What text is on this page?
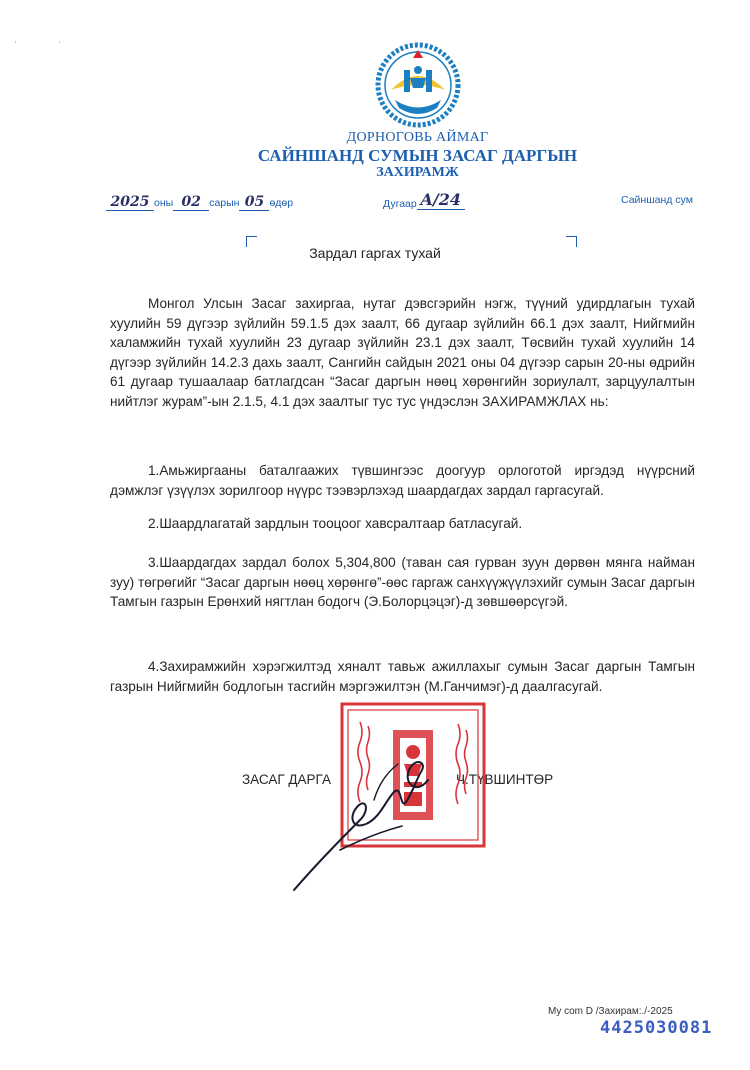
ˌ	ˌ
ДОРНОГОВЬ АЙМАГ
САЙНШАНД СУМЫН ЗАСАГ ДАРГЫН
ЗАХИРАМЖ
2025 оны 02 сарын 05 өдөр	Дугаар A/24	Сайншанд сум
Зардал гаргах тухай
Монгол Улсын Засаг захиргаа, нутаг дэвсгэрийн нэгж, түүний удирдлагын тухай хуулийн 59 дүгээр зүйлийн 59.1.5 дэх заалт, 66 дугаар зүйлийн 66.1 дэх заалт, Нийгмийн халамжийн тухай хуулийн 23 дугаар зүйлийн 23.1 дэх заалт, Төсвийн тухай хуулийн 14 дүгээр зүйлийн 14.2.3 дахь заалт, Сангийн сайдын 2021 оны 04 дүгээр сарын 20-ны өдрийн 61 дугаар тушаалаар батлагдсан “Засаг даргын нөөц хөрөнгийн зориулалт, зарцуулалтын нийтлэг журам”-ын 2.1.5, 4.1 дэх заалтыг тус тус үндэслэн ЗАХИРАМЖЛАХ нь:
1.Амьжиргааны баталгаажих түвшингээс доогуур орлоготой иргэдэд нүүрсний дэмжлэг үзүүлэх зорилгоор нүүрс тээвэрлэхэд шаардагдах зардал гаргасугай.
2.Шаардлагатай зардлын тооцоог хавсралтаар батласугай.
3.Шаардагдах зардал болох 5,304,800 (таван сая гурван зуун дөрвөн мянга найман зуу) төгрөгийг “Засаг даргын нөөц хөрөнгө”-өөс гаргаж санхүүжүүлэхийг сумын Засаг даргын Тамгын газрын Ерөнхий нягтлан бодогч (Э.Болорцэцэг)-д зөвшөөрсүгэй.
4.Захирамжийн хэрэгжилтэд хяналт тавьж ажиллахыг сумын Засаг даргын Тамгын газрын Нийгмийн бодлогын тасгийн мэргэжилтэн (М.Ганчимэг)-д даалгасугай.
ЗАСАГ ДАРГА	Ч.ТҮВШИНТӨР
My com D /Захирам:./-2025
4425030081
